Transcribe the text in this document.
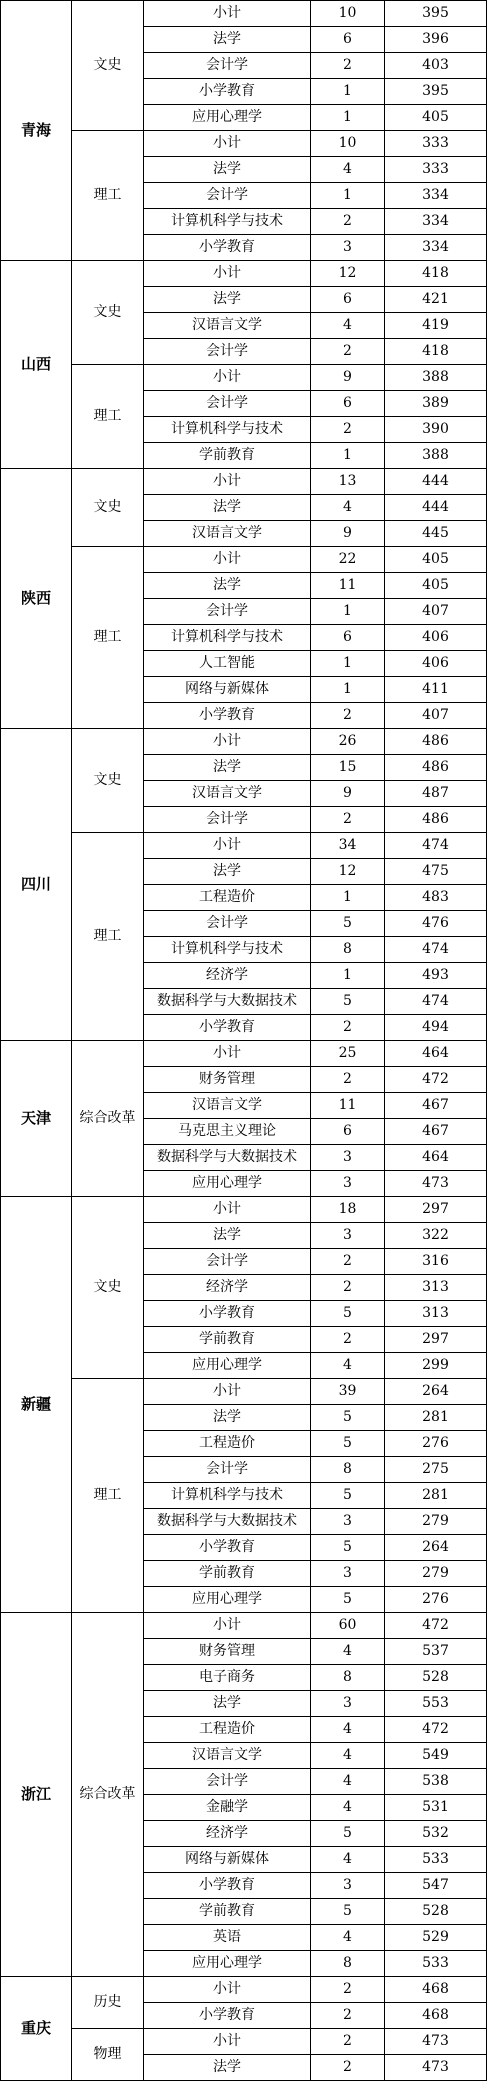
青海	文史	小计	10	395
		法学	6	396
		会计学	2	403
		小学教育	1	395
		应用心理学	1	405
	理工	小计	10	333
		法学	4	333
		会计学	1	334
		计算机科学与技术	2	334
		小学教育	3	334
山西	文史	小计	12	418
		法学	6	421
		汉语言文学	4	419
		会计学	2	418
	理工	小计	9	388
		会计学	6	389
		计算机科学与技术	2	390
		学前教育	1	388
陕西	文史	小计	13	444
		法学	4	444
		汉语言文学	9	445
	理工	小计	22	405
		法学	11	405
		会计学	1	407
		计算机科学与技术	6	406
		人工智能	1	406
		网络与新媒体	1	411
		小学教育	2	407
四川	文史	小计	26	486
		法学	15	486
		汉语言文学	9	487
		会计学	2	486
	理工	小计	34	474
		法学	12	475
		工程造价	1	483
		会计学	5	476
		计算机科学与技术	8	474
		经济学	1	493
		数据科学与大数据技术	5	474
		小学教育	2	494
天津	综合改革	小计	25	464
		财务管理	2	472
		汉语言文学	11	467
		马克思主义理论	6	467
		数据科学与大数据技术	3	464
		应用心理学	3	473
新疆	文史	小计	18	297
		法学	3	322
		会计学	2	316
		经济学	2	313
		小学教育	5	313
		学前教育	2	297
		应用心理学	4	299
	理工	小计	39	264
		法学	5	281
		工程造价	5	276
		会计学	8	275
		计算机科学与技术	5	281
		数据科学与大数据技术	3	279
		小学教育	5	264
		学前教育	3	279
		应用心理学	5	276
浙江	综合改革	小计	60	472
		财务管理	4	537
		电子商务	8	528
		法学	3	553
		工程造价	4	472
		汉语言文学	4	549
		会计学	4	538
		金融学	4	531
		经济学	5	532
		网络与新媒体	4	533
		小学教育	3	547
		学前教育	5	528
		英语	4	529
		应用心理学	8	533
重庆	历史	小计	2	468
		小学教育	2	468
	物理	小计	2	473
		法学	2	473
